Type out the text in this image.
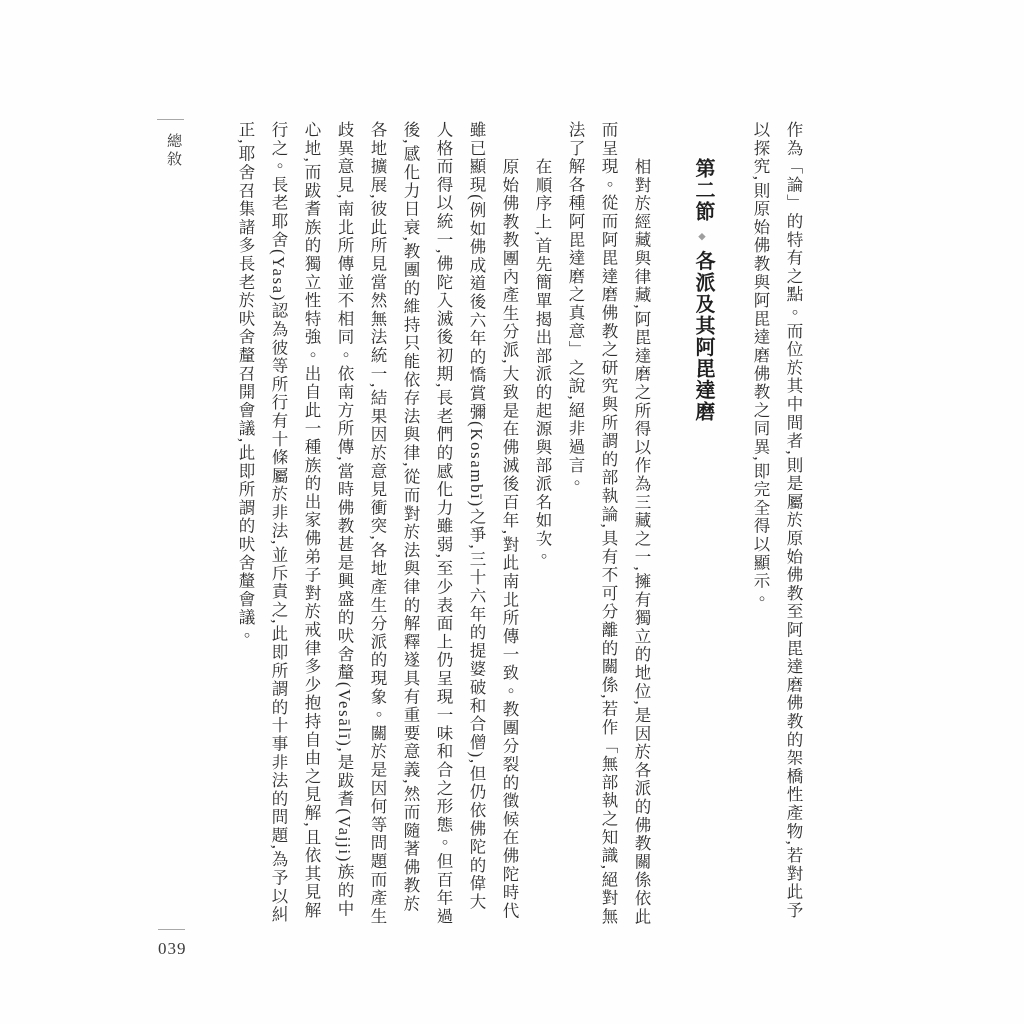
總敘	作為「論」的特有之點。而位於其中間者,則是屬於原始佛教至阿毘達磨佛教的架橋性產物,若對此予以探究,則原始佛教與阿毘達磨佛教之同異,即完全得以顯示。

第二節◆各派及其阿毘達磨

相對於經藏與律藏,阿毘達磨之所得以作為三藏之一,擁有獨立的地位,是因於各派的佛教關係依此而呈現。從而阿毘達磨佛教之研究與所謂的部執論,具有不可分離的關係,若作「無部執之知識,絕對無法了解各種阿毘達磨之真意」之說,絕非過言。

在順序上,首先簡單揭出部派的起源與部派名如次。

原始佛教教團內產生分派,大致是在佛滅後百年,對此南北所傳一致。教團分裂的徵候在佛陀時代雖已顯現(例如佛成道後六年的憍賞彌(Kosambī)之爭,三十六年的提婆破和合僧),但仍依佛陀的偉大人格而得以統一,佛陀入滅後初期,長老們的感化力雖弱,至少表面上仍呈現一味和合之形態。但百年過後,感化力日衰,教團的維持只能依存法與律,從而對於法與律的解釋遂具有重要意義,然而隨著佛教於各地擴展,彼此所見當然無法統一,結果因於意見衝突,各地產生分派的現象。關於是因何等問題而產生歧異意見,南北所傳並不相同。依南方所傳,當時佛教甚是興盛的吠舍釐(Vesālī),是跋耆(Vajji)族的中心地,而跋耆族的獨立性特強。出自此一種族的出家佛弟子對於戒律多少抱持自由之見解,且依其見解行之。長老耶舍(Yasa)認為彼等所行有十條屬於非法,並斥責之,此即所謂的十事非法的問題,為予以糾正,耶舍召集諸多長老於吠舍釐召開會議,此即所謂的吠舍釐會議。

039
